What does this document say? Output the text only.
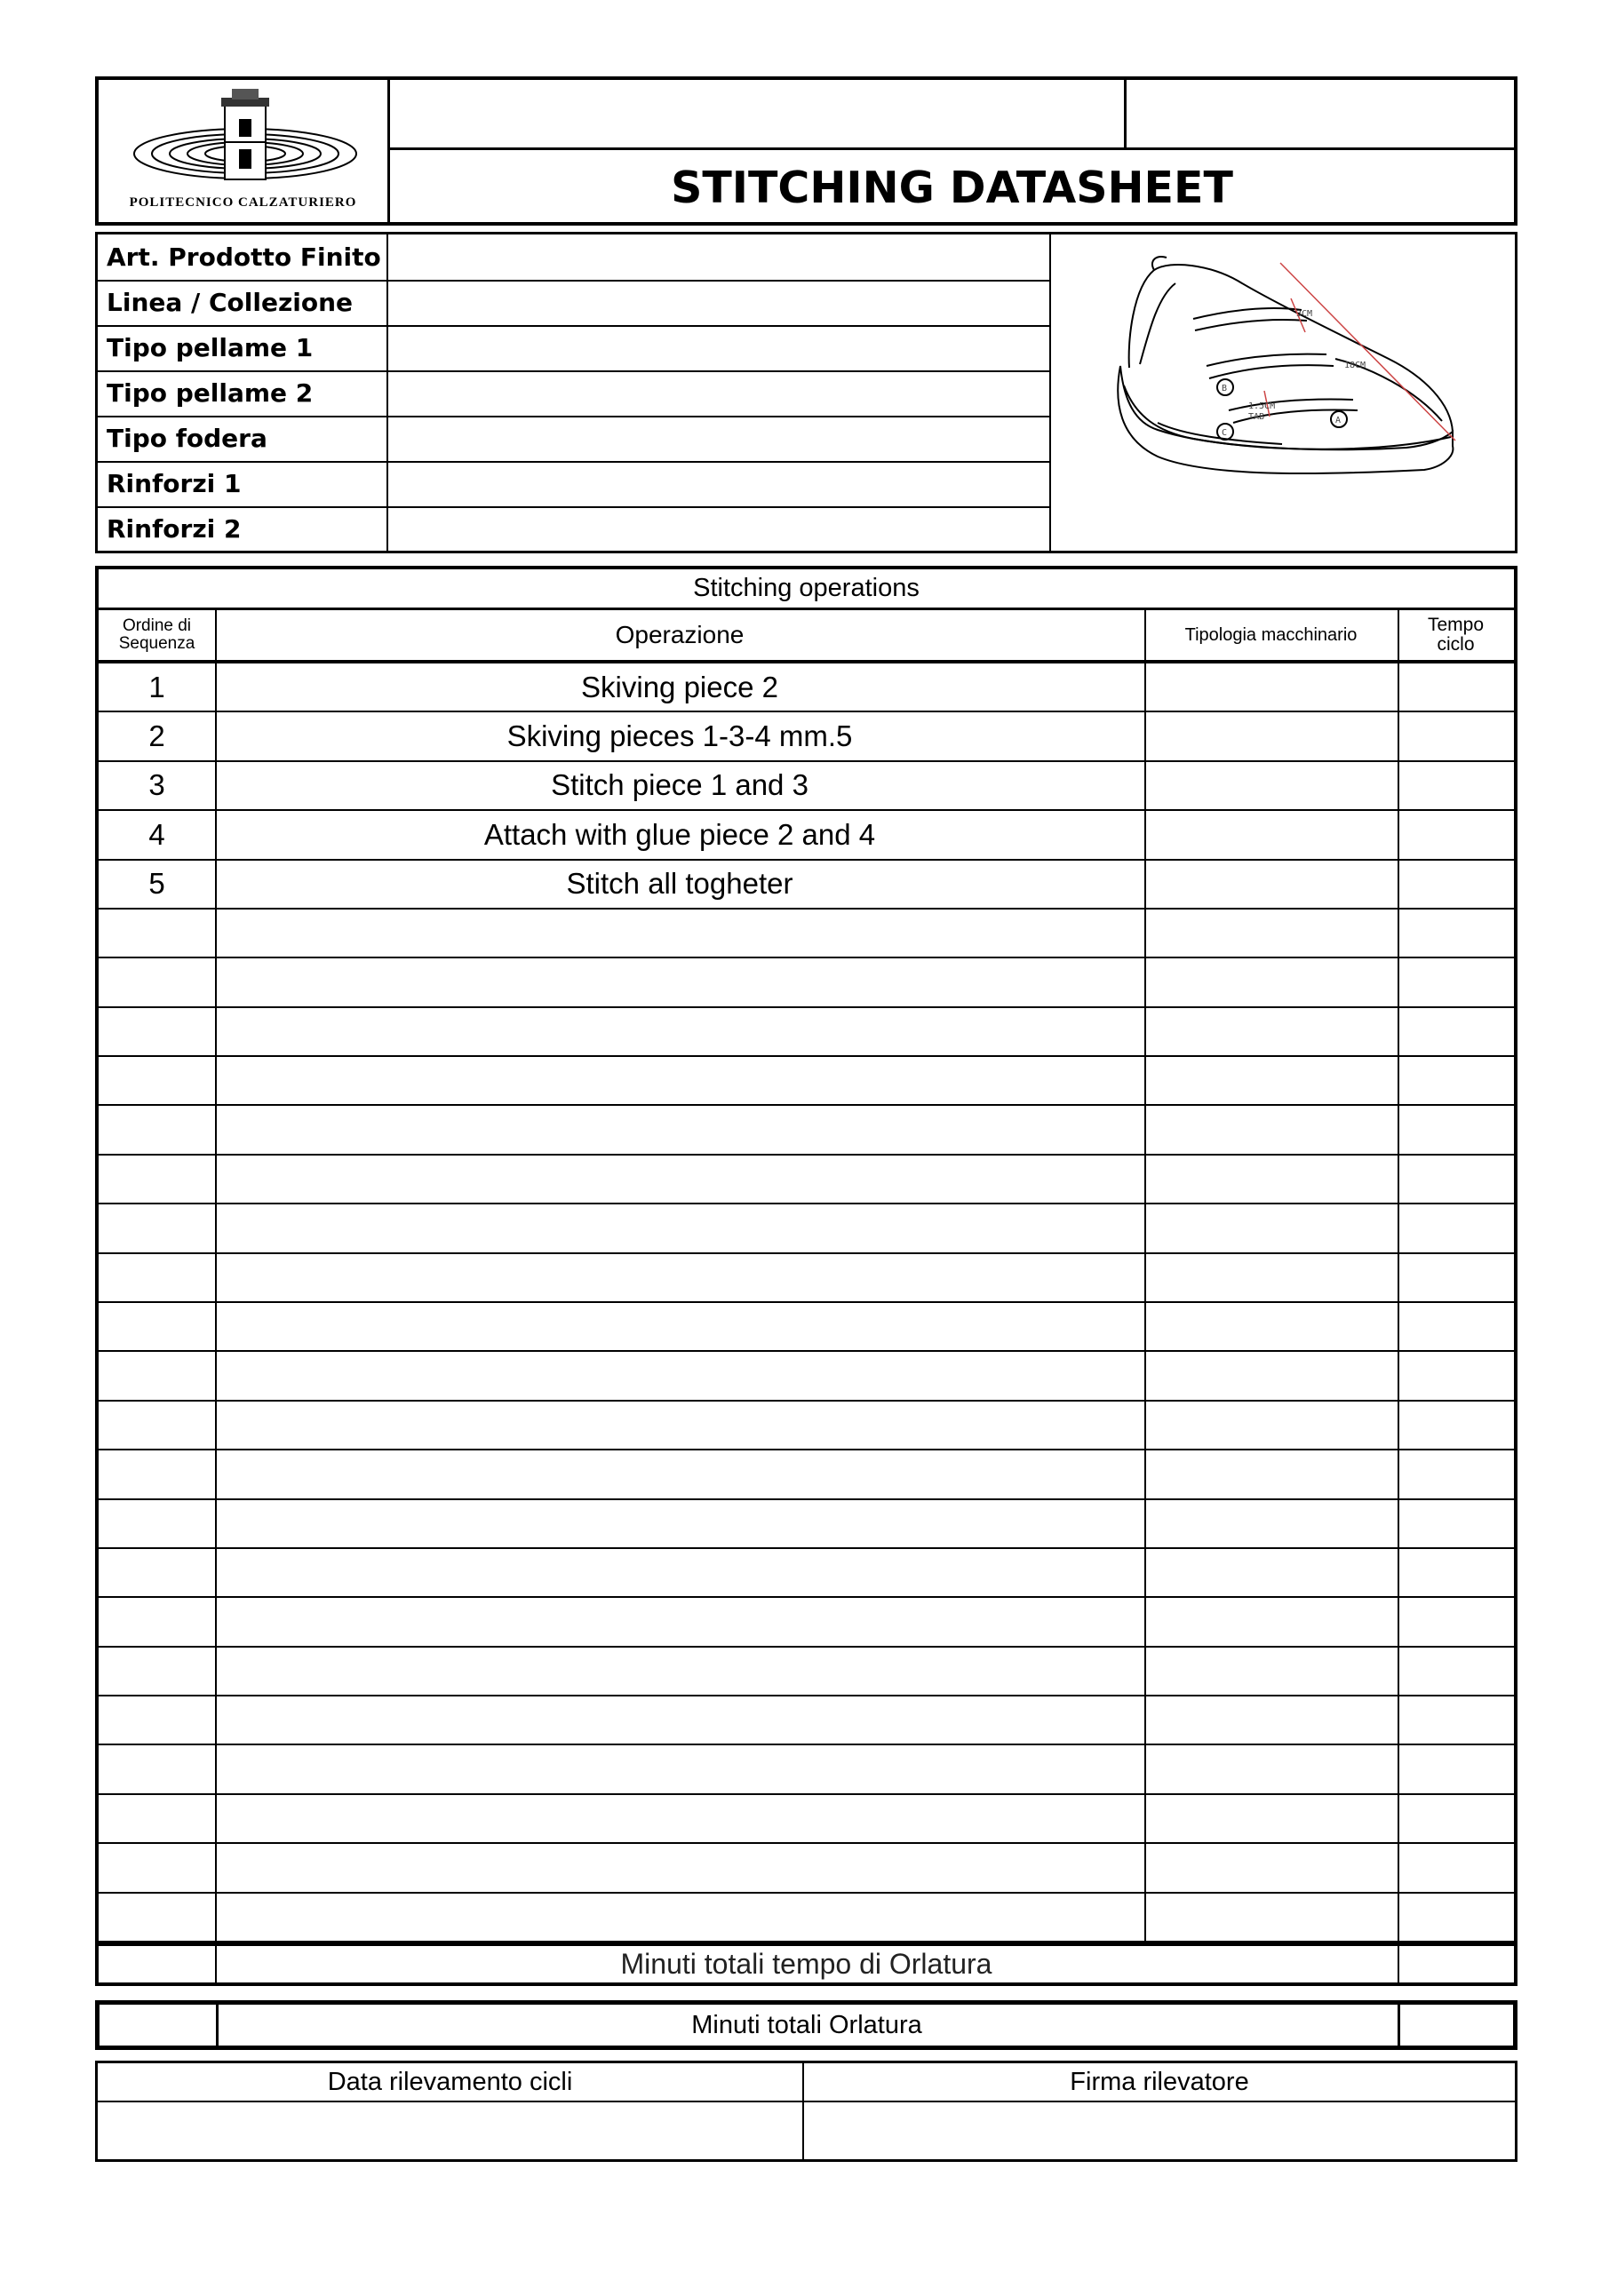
POLITECNICO CALZATURIERO	STITCHING DATASHEET
Art. Prodotto Finito
Linea / Collezione
Tipo pellame 1
Tipo pellame 2
Tipo fodera
Rinforzi 1
Rinforzi 2
3CM
18CM
1.5CM
TAB
B
A
C
Stitching operations
Ordine di
Sequenza	Operazione	Tipologia macchinario	Tempo
ciclo
5	Stitch all togheter
4	Attach with glue piece 2 and 4
3	Stitch piece 1 and 3
2	Skiving pieces 1-3-4 mm.5
1	Skiving piece 2
Minuti totali tempo di Orlatura
Minuti totali Orlatura
Data rilevamento cicli	Firma rilevatore
